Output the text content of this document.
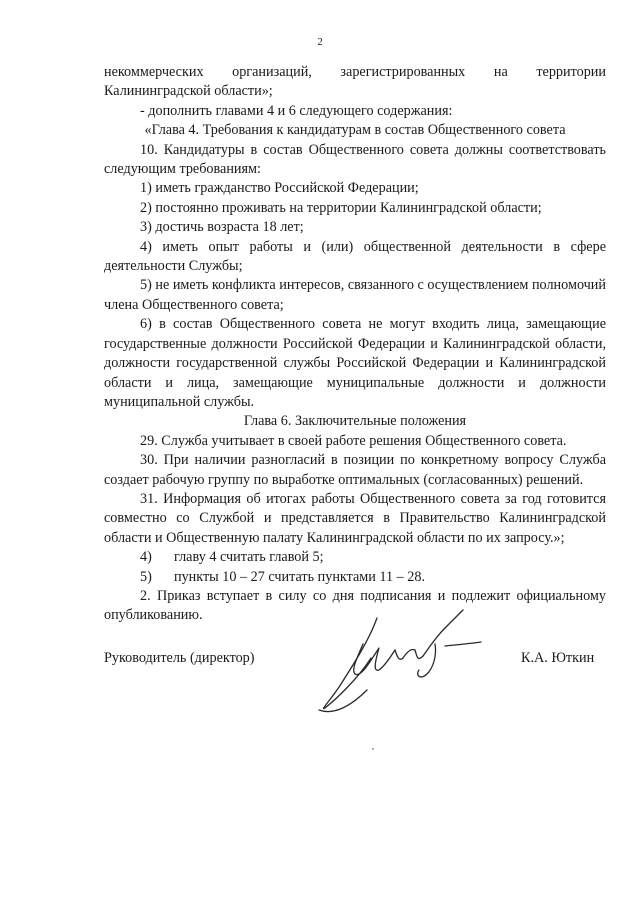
2

некоммерческих организаций, зарегистрированных на территории Калининградской области»;

- дополнить главами 4 и 6 следующего содержания:

«Глава 4. Требования к кандидатурам в состав Общественного совета

10. Кандидатуры в состав Общественного совета должны соответствовать следующим требованиям:

1) иметь гражданство Российской Федерации;

2) постоянно проживать на территории Калининградской области;

3) достичь возраста 18 лет;

4) иметь опыт работы и (или) общественной деятельности в сфере деятельности Службы;

5) не иметь конфликта интересов, связанного с осуществлением полномочий члена Общественного совета;

6) в состав Общественного совета не могут входить лица, замещающие государственные должности Российской Федерации и Калининградской области, должности государственной службы Российской Федерации и Калининградской области и лица, замещающие муниципальные должности и должности муниципальной службы.

Глава 6. Заключительные положения

29. Служба учитывает в своей работе решения Общественного совета.

30. При наличии разногласий в позиции по конкретному вопросу Служба создает рабочую группу по выработке оптимальных (согласованных) решений.

31. Информация об итогах работы Общественного совета за год готовится совместно со Службой и представляется в Правительство Калининградской области и Общественную палату Калининградской области по их запросу.»;

4) главу 4 считать главой 5;

5) пункты 10 – 27 считать пунктами 11 – 28.

2. Приказ вступает в силу со дня подписания и подлежит официальному опубликованию.

Руководитель (директор)	К.А. Юткин
